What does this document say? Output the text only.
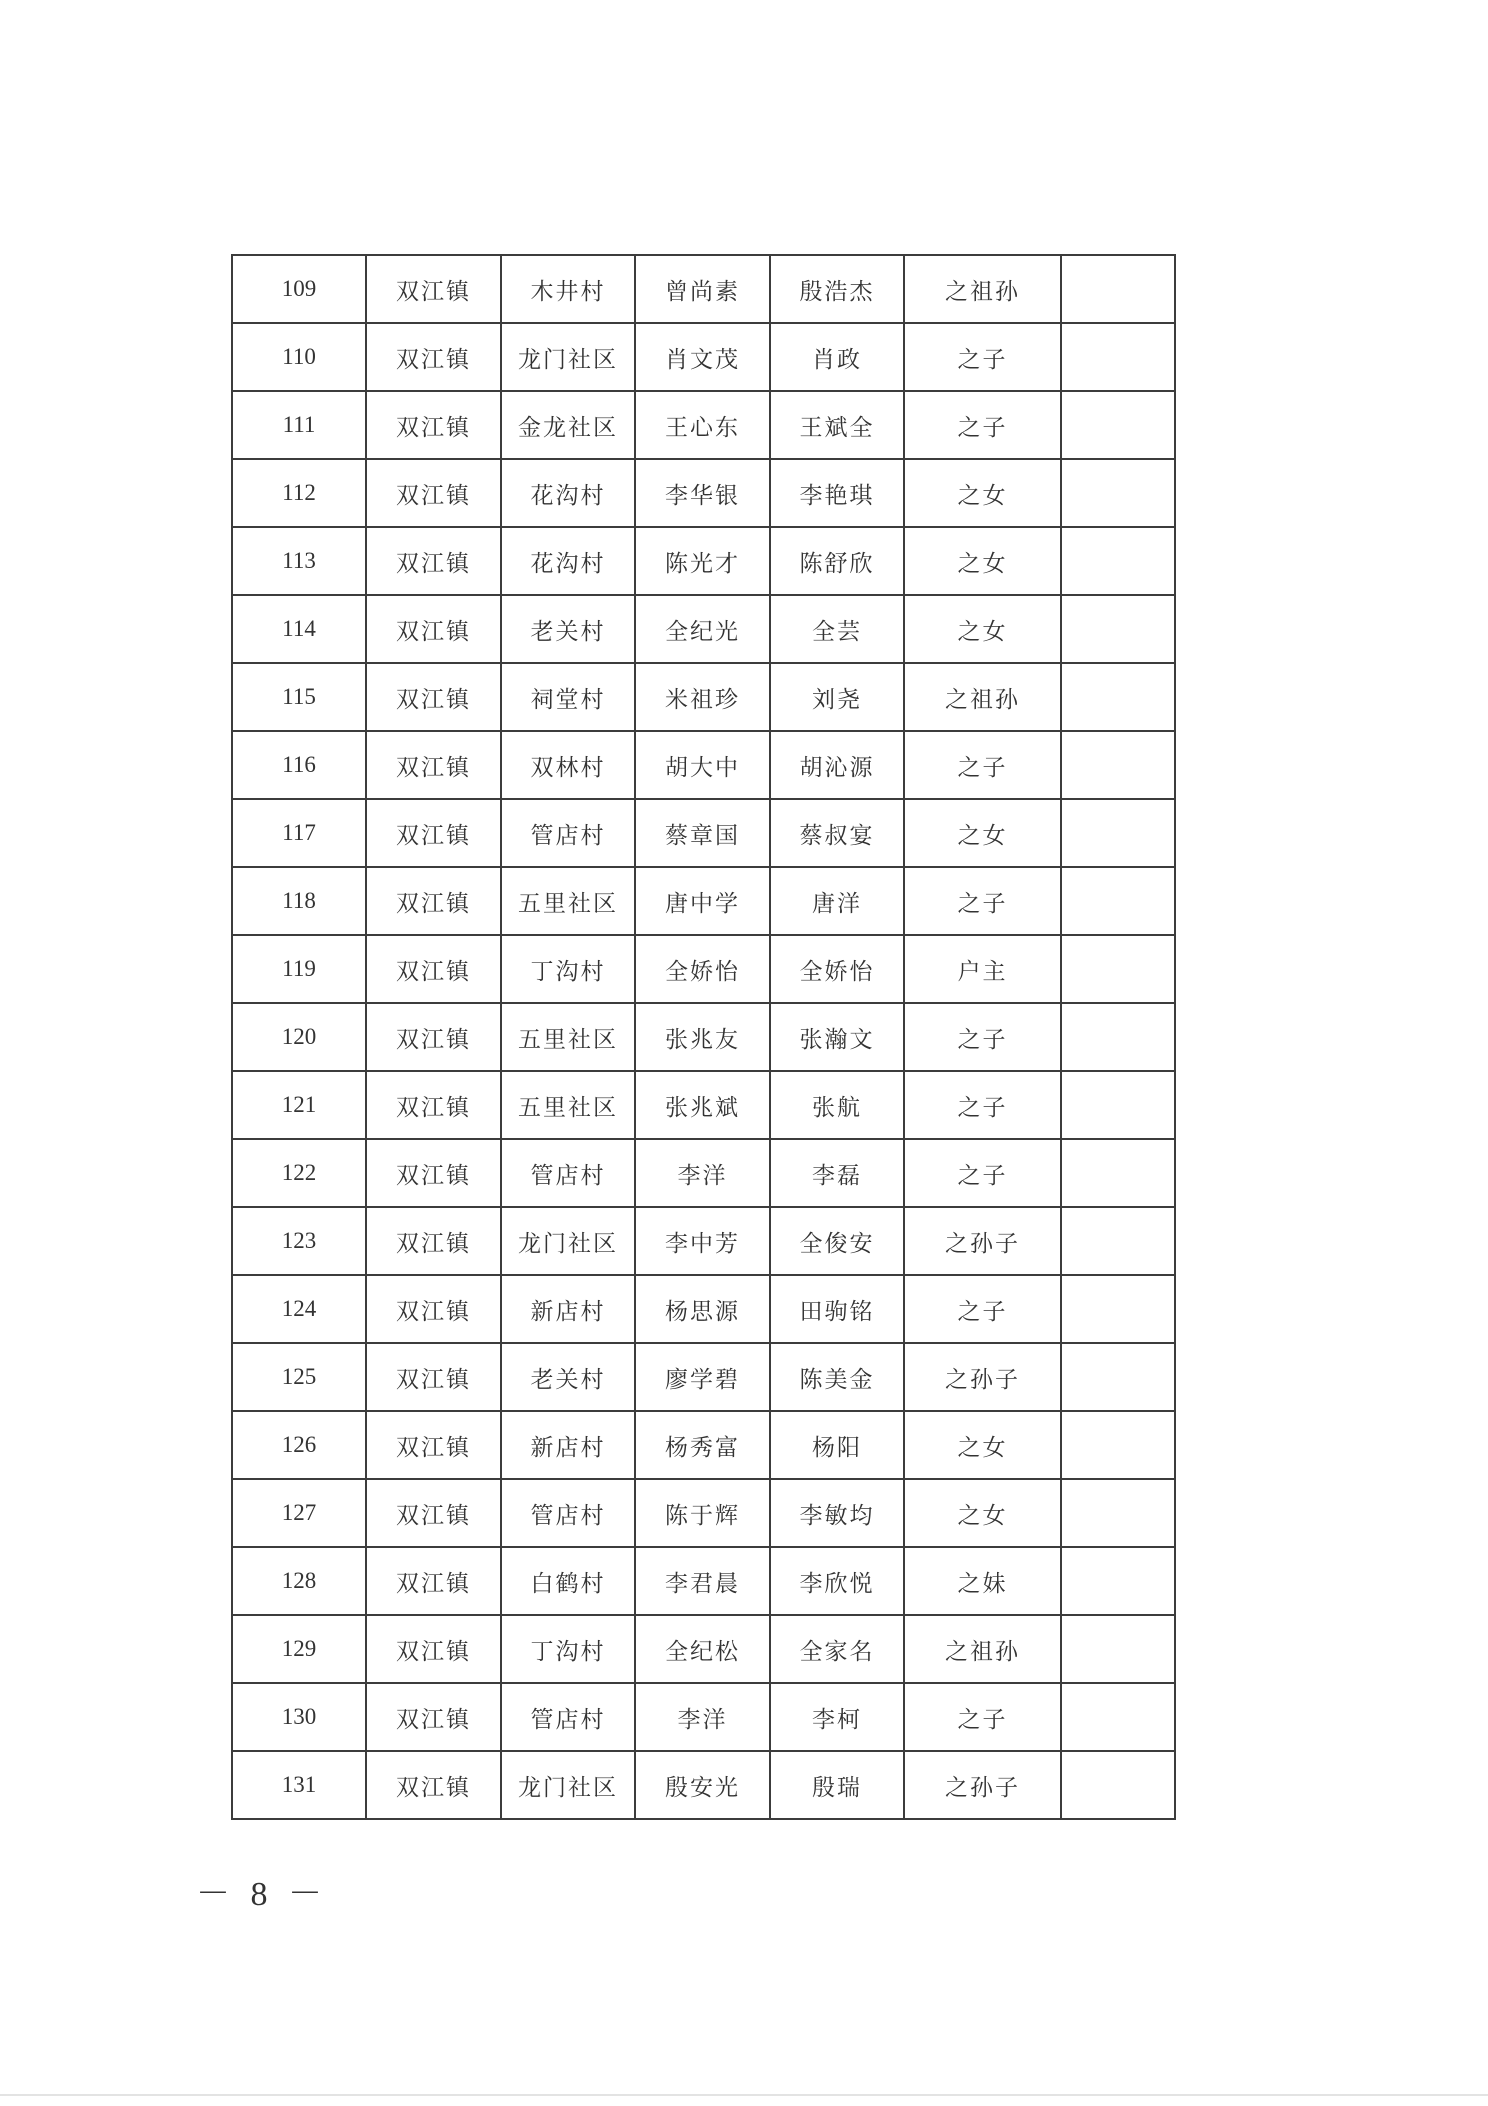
109	双江镇	木井村	曾尚素	殷浩杰	之祖孙	
110	双江镇	龙门社区	肖文茂	肖政	之子	
111	双江镇	金龙社区	王心东	王斌全	之子	
112	双江镇	花沟村	李华银	李艳琪	之女	
113	双江镇	花沟村	陈光才	陈舒欣	之女	
114	双江镇	老关村	全纪光	全芸	之女	
115	双江镇	祠堂村	米祖珍	刘尧	之祖孙	
116	双江镇	双林村	胡大中	胡沁源	之子	
117	双江镇	管店村	蔡章国	蔡叔宴	之女	
118	双江镇	五里社区	唐中学	唐洋	之子	
119	双江镇	丁沟村	全娇怡	全娇怡	户主	
120	双江镇	五里社区	张兆友	张瀚文	之子	
121	双江镇	五里社区	张兆斌	张航	之子	
122	双江镇	管店村	李洋	李磊	之子	
123	双江镇	龙门社区	李中芳	全俊安	之孙子	
124	双江镇	新店村	杨思源	田驹铭	之子	
125	双江镇	老关村	廖学碧	陈美金	之孙子	
126	双江镇	新店村	杨秀富	杨阳	之女	
127	双江镇	管店村	陈于辉	李敏均	之女	
128	双江镇	白鹤村	李君晨	李欣悦	之妹	
129	双江镇	丁沟村	全纪松	全家名	之祖孙	
130	双江镇	管店村	李洋	李柯	之子	
131	双江镇	龙门社区	殷安光	殷瑞	之孙子	
－ 8 －
